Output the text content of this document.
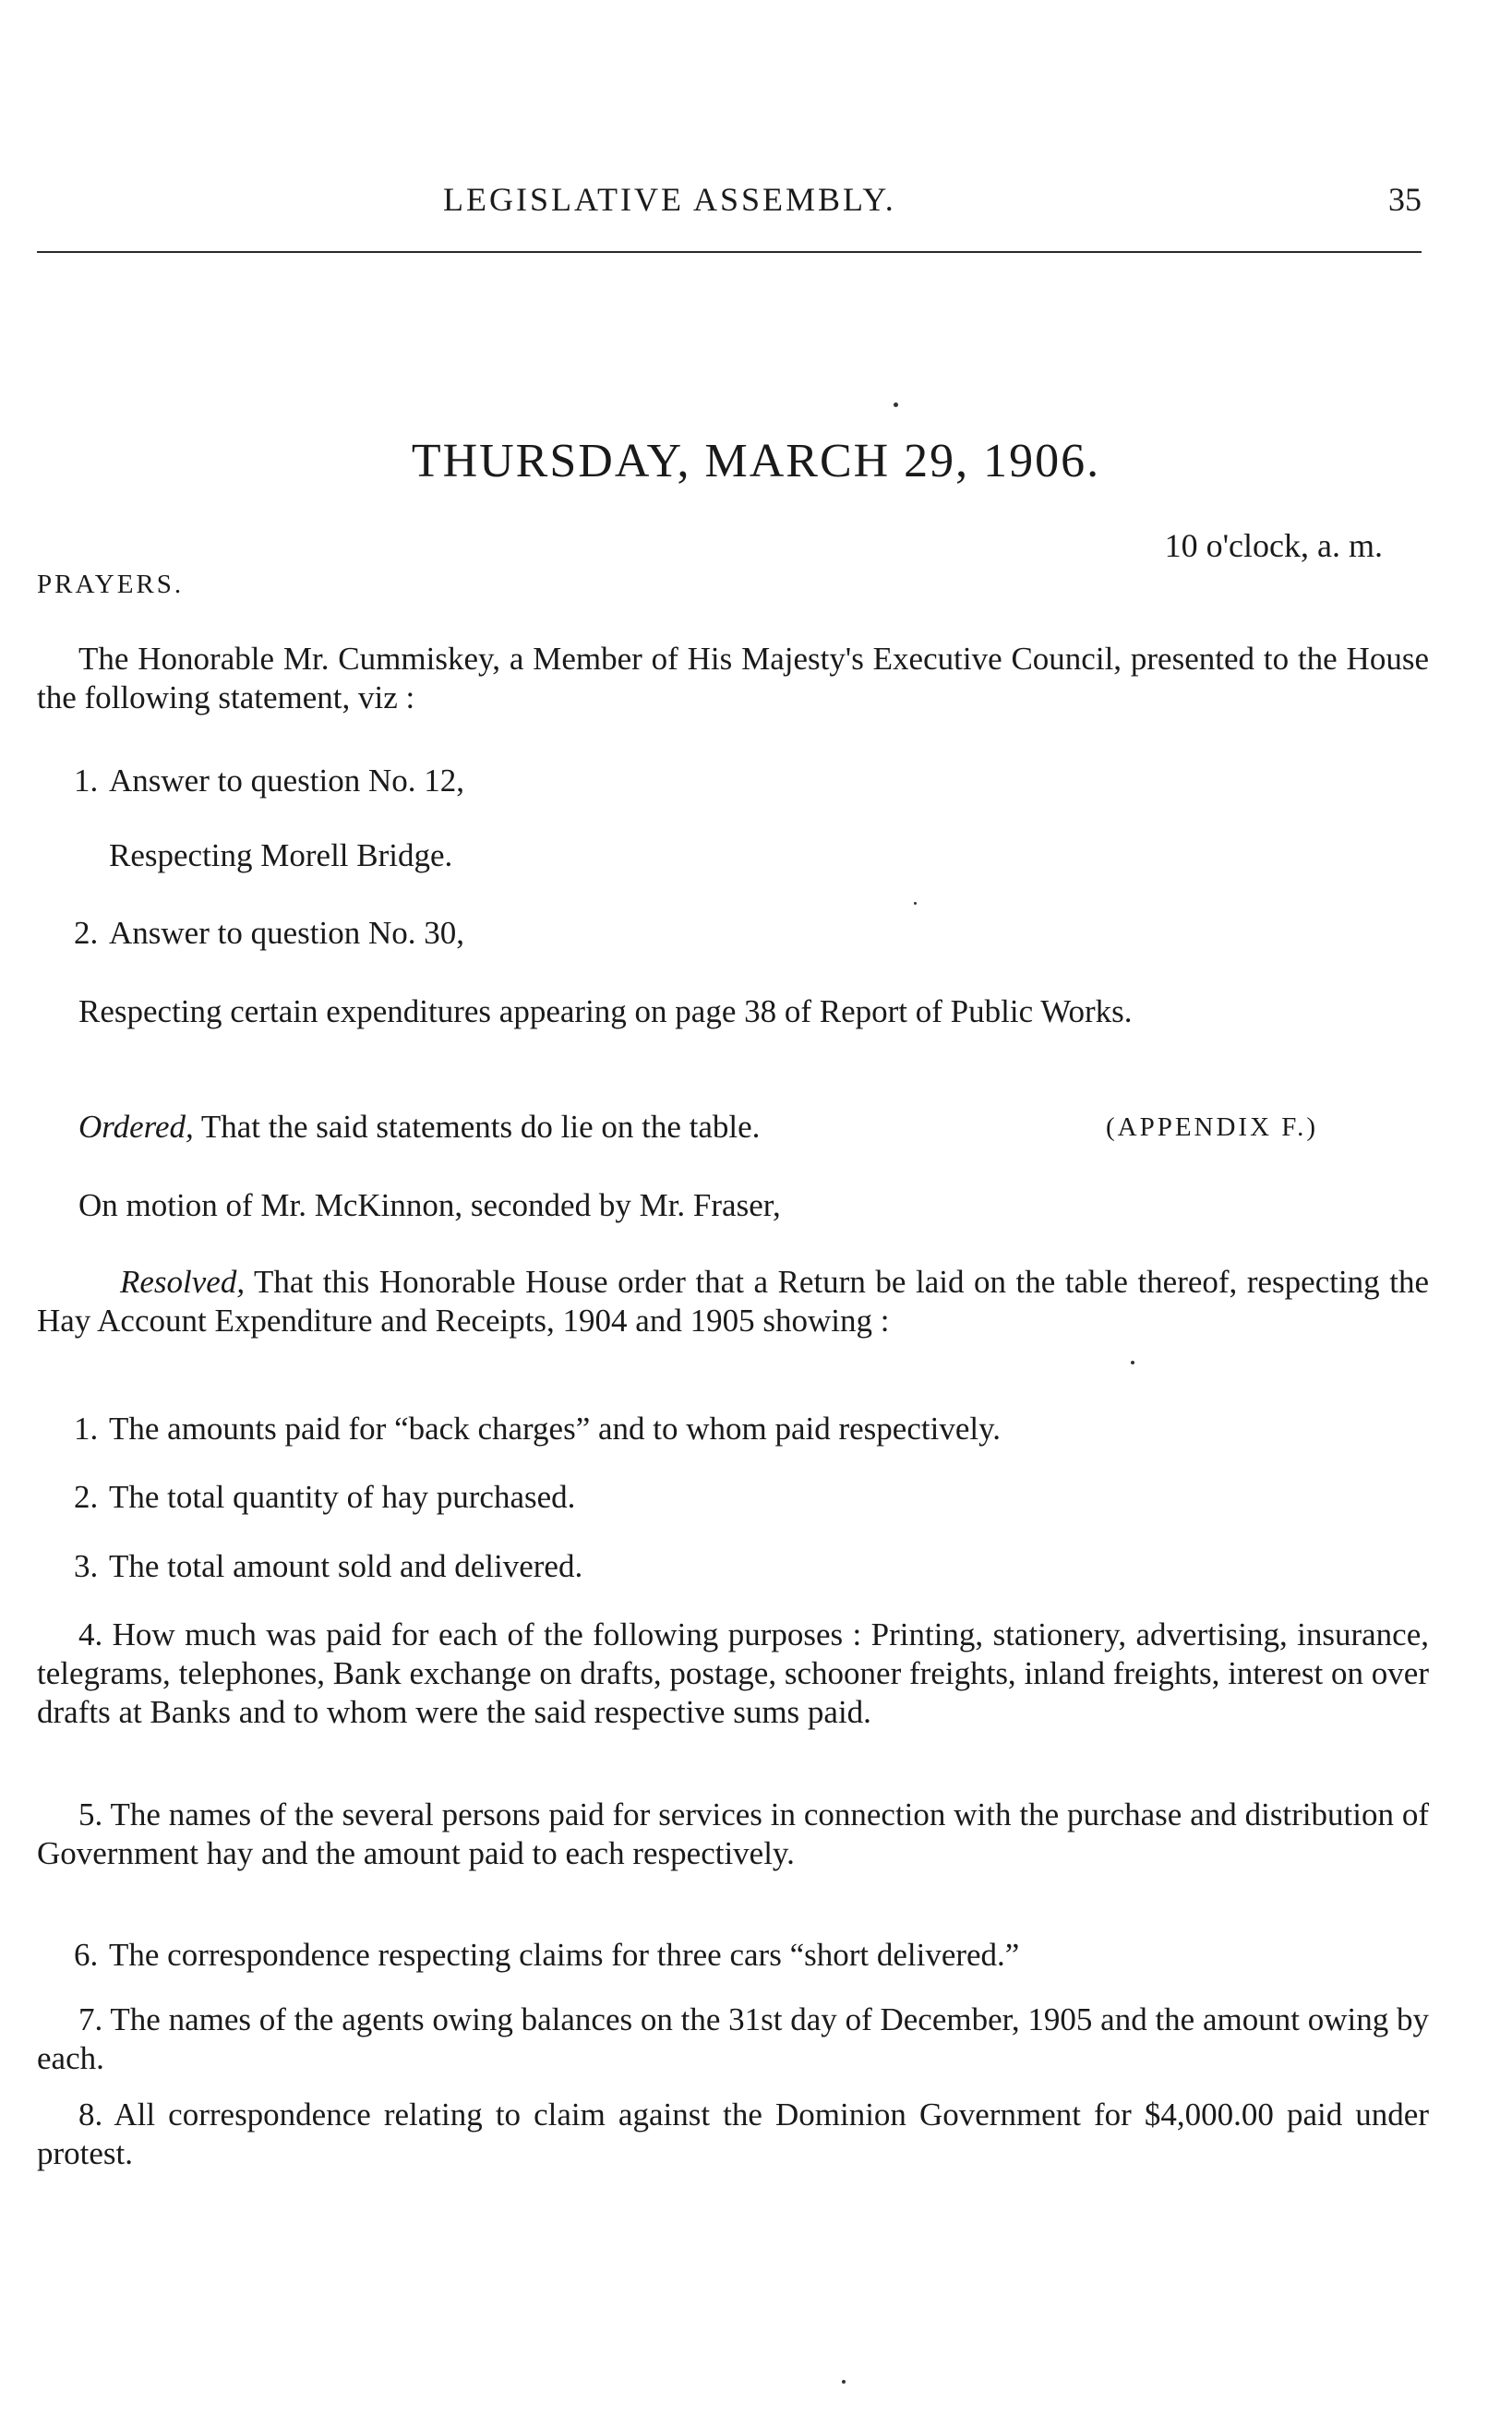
LEGISLATIVE ASSEMBLY.	35
THURSDAY, MARCH 29, 1906.
10 o'clock, a. m.
PRAYERS.
The Honorable Mr. Cummiskey, a Member of His Majesty's Executive Council, presented to the House the following statement, viz :
1. Answer to question No. 12,
Respecting Morell Bridge.
2. Answer to question No. 30,
Respecting certain expenditures appearing on page 38 of Report of Public Works.
Ordered, That the said statements do lie on the table.	(APPENDIX F.)
On motion of Mr. McKinnon, seconded by Mr. Fraser,
Resolved, That this Honorable House order that a Return be laid on the table thereof, respecting the Hay Account Expenditure and Receipts, 1904 and 1905 showing :
1. The amounts paid for “back charges” and to whom paid respectively.
2. The total quantity of hay purchased.
3. The total amount sold and delivered.
4. How much was paid for each of the following purposes : Printing, stationery, advertising, insurance, telegrams, telephones, Bank exchange on drafts, postage, schooner freights, inland freights, interest on over drafts at Banks and to whom were the said respective sums paid.
5. The names of the several persons paid for services in connection with the purchase and distribution of Government hay and the amount paid to each respectively.
6. The correspondence respecting claims for three cars “short delivered.”
7. The names of the agents owing balances on the 31st day of December, 1905 and the amount owing by each.
8. All correspondence relating to claim against the Dominion Government for $4,000.00 paid under protest.
